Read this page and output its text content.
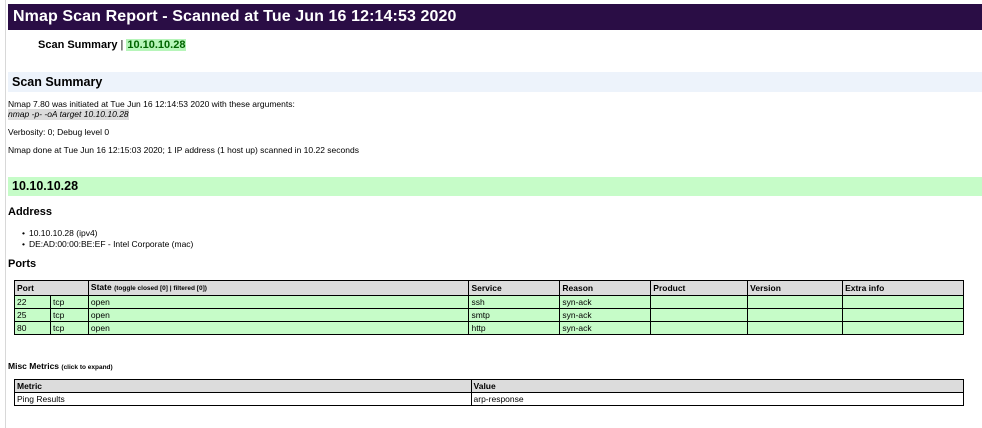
Nmap Scan Report - Scanned at Tue Jun 16 12:14:53 2020
Scan Summary | 10.10.10.28
Scan Summary
Nmap 7.80 was initiated at Tue Jun 16 12:14:53 2020 with these arguments:
nmap -p- -oA target 10.10.10.28
Verbosity: 0; Debug level 0
Nmap done at Tue Jun 16 12:15:03 2020; 1 IP address (1 host up) scanned in 10.22 seconds
10.10.10.28
Address
• 10.10.10.28 (ipv4)
• DE:AD:00:00:BE:EF - Intel Corporate (mac)
Ports
Port		State (toggle closed [0] | filtered [0])	Service	Reason	Product	Version	Extra info
22	tcp	open	ssh	syn-ack			
25	tcp	open	smtp	syn-ack			
80	tcp	open	http	syn-ack			
Misc Metrics (click to expand)
Metric	Value
Ping Results	arp-response
